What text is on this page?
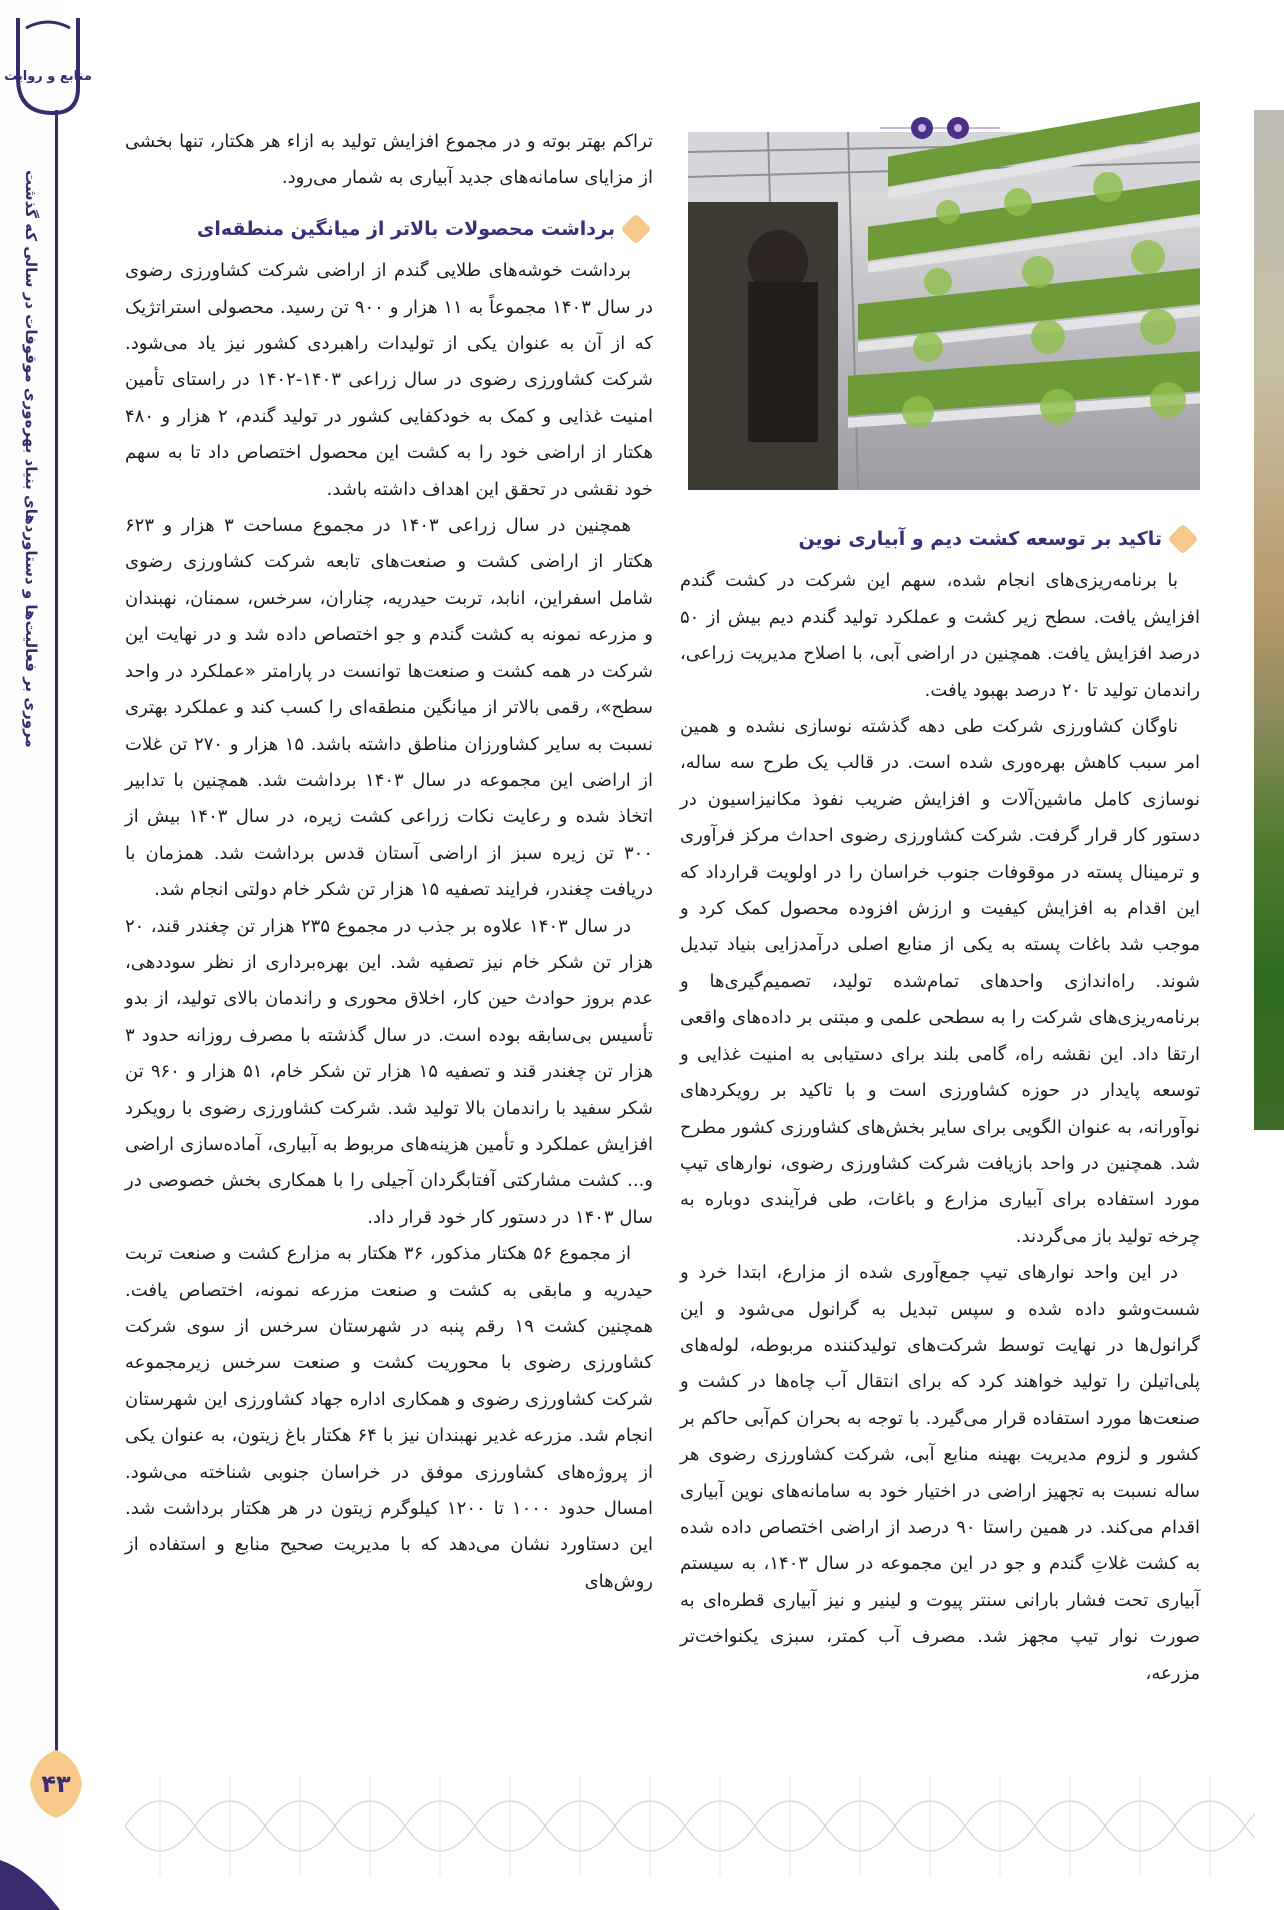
منابع و روایت
مروری بر فعالیت‌ها و دستاوردهای بنیاد بهره‌وری موقوفات در سالی که گذشت
۴۳

تراکم بهتر بوته و در مجموع افزایش تولید به ازاء هر هکتار، تنها بخشی از مزایای سامانه‌های جدید آبیاری به شمار می‌رود.

برداشت محصولات بالاتر از میانگین منطقه‌ای

برداشت خوشه‌های طلایی گندم از اراضی شرکت کشاورزی رضوی در سال ۱۴۰۳ مجموعاً به ۱۱ هزار و ۹۰۰ تن رسید. محصولی استراتژیک که از آن به عنوان یکی از تولیدات راهبردی کشور نیز یاد می‌شود. شرکت کشاورزی رضوی در سال زراعی ۱۴۰۳-۱۴۰۲ در راستای تأمین امنیت غذایی و کمک به خودکفایی کشور در تولید گندم، ۲ هزار و ۴۸۰ هکتار از اراضی خود را به کشت این محصول اختصاص داد تا به سهم خود نقشی در تحقق این اهداف داشته باشد.

همچنین در سال زراعی ۱۴۰۳ در مجموع مساحت ۳ هزار و ۶۲۳ هکتار از اراضی کشت و صنعت‌های تابعه شرکت کشاورزی رضوی شامل اسفراین، انابد، تربت حیدریه، چناران، سرخس، سمنان، نهبندان و مزرعه نمونه به کشت گندم و جو اختصاص داده شد و در نهایت این شرکت در همه کشت و صنعت‌ها توانست در پارامتر «عملکرد در واحد سطح»، رقمی بالاتر از میانگین منطقه‌ای را کسب کند و عملکرد بهتری نسبت به سایر کشاورزان مناطق داشته باشد. ۱۵ هزار و ۲۷۰ تن غلات از اراضی این مجموعه در سال ۱۴۰۳ برداشت شد. همچنین با تدابیر اتخاذ شده و رعایت نکات زراعی کشت زیره، در سال ۱۴۰۳ بیش از ۳۰۰ تن زیره سبز از اراضی آستان قدس برداشت شد. همزمان با دریافت چغندر، فرایند تصفیه ۱۵ هزار تن شکر خام دولتی انجام شد.

در سال ۱۴۰۳ علاوه بر جذب در مجموع ۲۳۵ هزار تن چغندر قند، ۲۰ هزار تن شکر خام نیز تصفیه شد. این بهره‌برداری از نظر سوددهی، عدم بروز حوادث حین کار، اخلاق محوری و راندمان بالای تولید، از بدو تأسیس بی‌سابقه بوده است. در سال گذشته با مصرف روزانه حدود ۳ هزار تن چغندر قند و تصفیه ۱۵ هزار تن شکر خام، ۵۱ هزار و ۹۶۰ تن شکر سفید با راندمان بالا تولید شد. شرکت کشاورزی رضوی با رویکرد افزایش عملکرد و تأمین هزینه‌های مربوط به آبیاری، آماده‌سازی اراضی و... کشت مشارکتی آفتابگردان آجیلی را با همکاری بخش خصوصی در سال ۱۴۰۳ در دستور کار خود قرار داد.

از مجموع ۵۶ هکتار مذکور، ۳۶ هکتار به مزارع کشت و صنعت تربت حیدریه و مابقی به کشت و صنعت مزرعه نمونه، اختصاص یافت. همچنین کشت ۱۹ رقم پنبه در شهرستان سرخس از سوی شرکت کشاورزی رضوی با محوریت کشت و صنعت سرخس زیرمجموعه شرکت کشاورزی رضوی و همکاری اداره جهاد کشاورزی این شهرستان انجام شد. مزرعه غدیر نهبندان نیز با ۶۴ هکتار باغ زیتون، به عنوان یکی از پروژه‌های کشاورزی موفق در خراسان جنوبی شناخته می‌شود. امسال حدود ۱۰۰۰ تا ۱۲۰۰ کیلوگرم زیتون در هر هکتار برداشت شد. این دستاورد نشان می‌دهد که با مدیریت صحیح منابع و استفاده از روش‌های

تاکید بر توسعه کشت دیم و آبیاری نوین

با برنامه‌ریزی‌های انجام شده، سهم این شرکت در کشت گندم افزایش یافت. سطح زیر کشت و عملکرد تولید گندم دیم بیش از ۵۰ درصد افزایش یافت. همچنین در اراضی آبی، با اصلاح مدیریت زراعی، راندمان تولید تا ۲۰ درصد بهبود یافت.

ناوگان کشاورزی شرکت طی دهه گذشته نوسازی نشده و همین امر سبب کاهش بهره‌وری شده است. در قالب یک طرح سه ساله، نوسازی کامل ماشین‌آلات و افزایش ضریب نفوذ مکانیزاسیون در دستور کار قرار گرفت. شرکت کشاورزی رضوی احداث مرکز فرآوری و ترمینال پسته در موقوفات جنوب خراسان را در اولویت قرارداد که این اقدام به افزایش کیفیت و ارزش افزوده محصول کمک کرد و موجب شد باغات پسته به یکی از منابع اصلی درآمدزایی بنیاد تبدیل شوند. راه‌اندازی واحدهای تمام‌شده تولید، تصمیم‌گیری‌ها و برنامه‌ریزی‌های شرکت را به سطحی علمی و مبتنی بر داده‌های واقعی ارتقا داد. این نقشه راه، گامی بلند برای دستیابی به امنیت غذایی و توسعه پایدار در حوزه کشاورزی است و با تاکید بر رویکردهای نوآورانه، به عنوان الگویی برای سایر بخش‌های کشاورزی کشور مطرح شد. همچنین در واحد بازیافت شرکت کشاورزی رضوی، نوارهای تیپ مورد استفاده برای آبیاری مزارع و باغات، طی فرآیندی دوباره به چرخه تولید باز می‌گردند.

در این واحد نوارهای تیپ جمع‌آوری شده از مزارع، ابتدا خرد و شست‌وشو داده شده و سپس تبدیل به گرانول می‌شود و این گرانول‌ها در نهایت توسط شرکت‌های تولیدکننده مربوطه، لوله‌های پلی‌اتیلن را تولید خواهند کرد که برای انتقال آب چاه‌ها در کشت و صنعت‌ها مورد استفاده قرار می‌گیرد. با توجه به بحران کم‌آبی حاکم بر کشور و لزوم مدیریت بهینه منابع آبی، شرکت کشاورزی رضوی هر ساله نسبت به تجهیز اراضی در اختیار خود به سامانه‌های نوین آبیاری اقدام می‌کند. در همین راستا ۹۰ درصد از اراضی اختصاص داده شده به کشت غلاتِ گندم و جو در این مجموعه در سال ۱۴۰۳، به سیستم آبیاری تحت فشار بارانی سنتر پیوت و لینیر و نیز آبیاری قطره‌ای به صورت نوار تیپ مجهز شد. مصرف آب کمتر، سبزی یکنواخت‌تر مزرعه،
